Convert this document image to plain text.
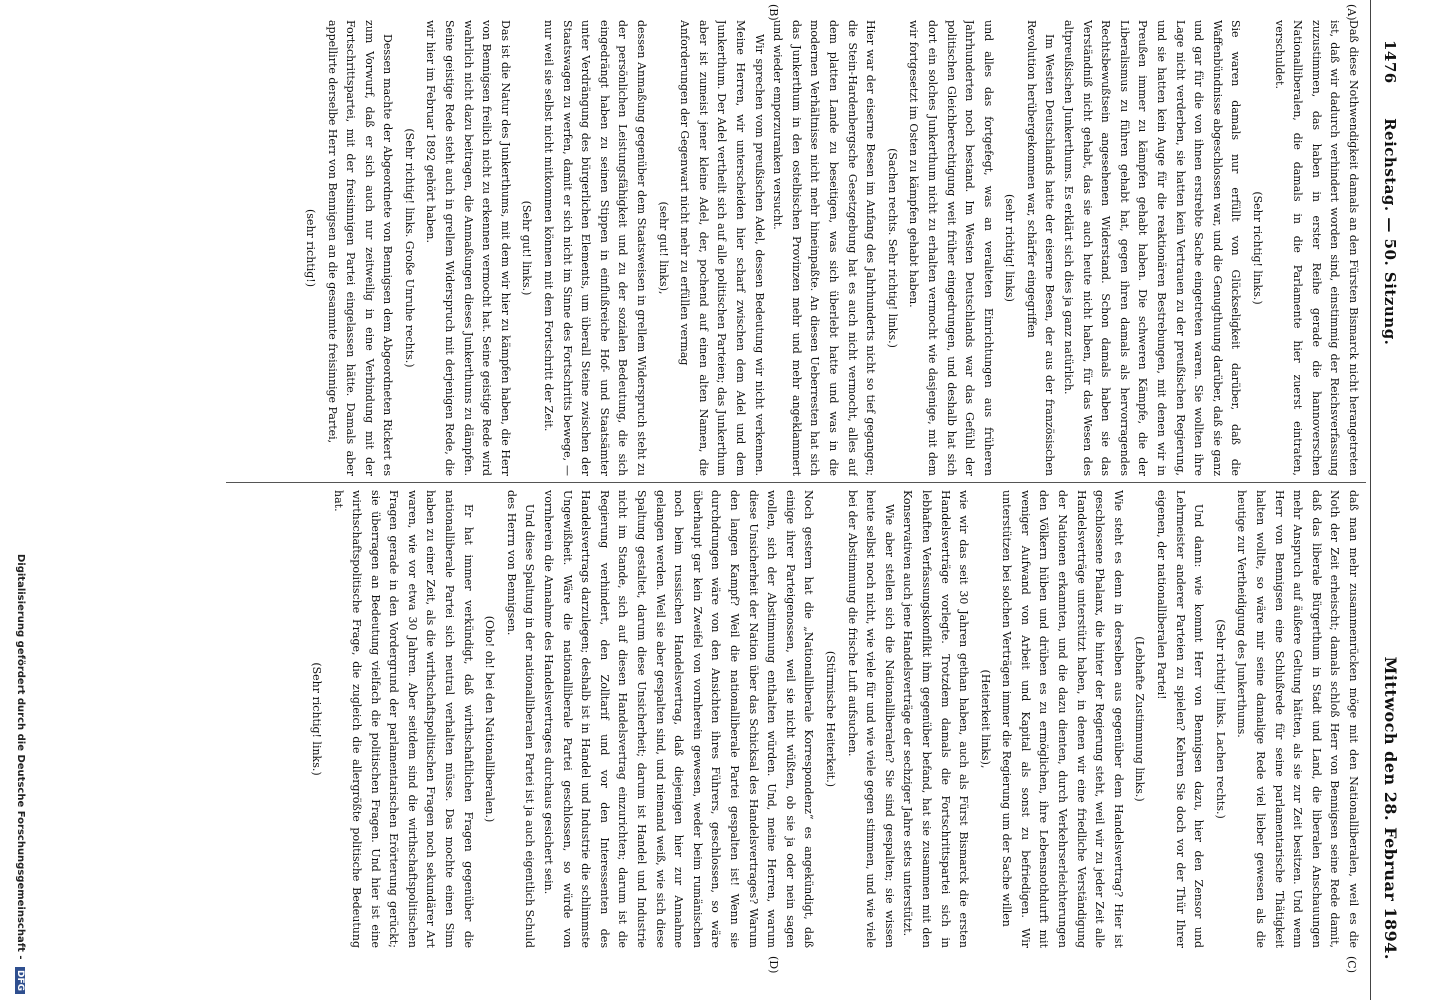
1476      Reichstag. — 50. Sitzung.
Mittwoch den 28. Februar 1894.
(A)
(B)
(C)
(D)

Daß diese Nothwendigkeit damals an den Fürsten Bismarck nicht herangetreten ist, daß wir dadurch verhindert worden sind, einstimmig der Reichsverfassung zuzustimmen, das haben in erster Reihe gerade die hannoverschen Nationalliberalen, die damals in die Parlamente hier zuerst eintraten, verschuldet.

(Sehr richtig! links.)

Sie waren damals nur erfüllt von Glückseligkeit darüber, daß die Waffenbündnisse abgeschlossen war, und die Genugthuung darüber, daß sie ganz und gar für die von ihnen erstrebte Sache eingetreten waren. Sie wollten ihre Lage nicht verderben, sie hatten kein Vertrauen zu der preußischen Regierung, und sie hatten kein Auge für die reaktionären Bestrebungen, mit denen wir in Preußen immer zu kämpfen gehabt haben. Die schweren Kämpfe, die der Liberalismus zu führen gehabt hat, gegen ihren damals als hervorragendes Rechtsbewußtsein angesehenen Widerstand. Schon damals haben sie das Verständniß nicht gehabt, das sie auch heute nicht haben, für das Wesen des altpreußischen Junkerthums. Es erklärt sich dies ja ganz natürlich.

Im Westen Deutschlands hatte der eiserne Besen, der aus der französischen Revolution herübergekommen war, schärfer eingegriffen

(sehr richtig! links)

und alles das fortgefegt, was an veralteten Einrichtungen aus früheren Jahrhunderten noch bestand. Im Westen Deutschlands war das Gefühl der politischen Gleichberechtigung weit früher eingedrungen, und deshalb hat sich dort ein solches Junkerthum nicht zu erhalten vermocht wie dasjenige, mit dem wir fortgesetzt im Osten zu kämpfen gehabt haben.

(Sachen rechts. Sehr richtig! links.)

Hier war der eiserne Besen im Anfang des Jahrhunderts nicht so tief gegangen; die Stein-Hardenbergsche Gesetzgebung hat es auch nicht vermocht, alles auf dem platten Lande zu beseitigen, was sich überlebt hatte und was in die modernen Verhältnisse nicht mehr hineinpaßte. An diesen Ueberresten hat sich das Junkerthum in den ostelbischen Provinzen mehr und mehr angeklammert und wieder emporzuranken versucht.

Wir sprechen vom preußischen Adel, dessen Bedeutung wir nicht verkennen. Meine Herren, wir unterscheiden hier scharf zwischen dem Adel und dem Junkerthum. Der Adel vertheilt sich auf alle politischen Parteien; das Junkerthum aber ist zumeist jener kleine Adel, der, pochend auf einen alten Namen, die Anforderungen der Gegenwart nicht mehr zu erfüllen vermag

(sehr gut! links),

dessen Anmaßung gegenüber dem Staatsweisen in grellem Widerspruch steht zu der persönlichen Leistungsfähigkeit und zu der sozialen Bedeutung, die sich eingedrängt haben zu seinen Stippen in einflußreiche Hof- und Staatsämter unter Verdrängung des bürgerlichen Elements, um überall Steine zwischen der Staatswagen zu werfen, damit er sich nicht im Sinne des Fortschritts bewege, — nur weil sie selbst nicht mitkommen können mit dem Fortschritt der Zeit.

(Sehr gut! links.)

Das ist die Natur des Junkerthums, mit dem wir hier zu kämpfen haben, die Herr von Bennigsen freilich nicht zu erkennen vermocht hat. Seine geistige Rede wird wahrlich nicht dazu beitragen, die Anmaßungen dieses Junkerthums zu dämpfen. Seine geistige Rede steht auch in grellem Widerspruch mit derjenigen Rede, die wir hier im Februar 1892 gehört haben.

(Sehr richtig! links. Große Unruhe rechts.)

Dessen machte der Abgeordnete von Bennigsen dem Abgeordneten Rickert es zum Vorwurf, daß er sich auch nur zeitweilig in eine Verbindung mit der Fortschrittspartei, mit der freisinnigen Partei eingelassen hätte. Damals aber appellirte derselbe Herr von Bennigsen an die gesammte freisinnige Partei,

(sehr richtig!)

daß man mehr zusammenrücken möge mit den Nationalliberalen, weil es die Noth der Zeit erheischt; damals schloß Herr von Bennigsen seine Rede damit, daß das liberale Bürgerthum in Stadt und Land, die liberalen Anschauungen mehr Anspruch auf äußere Geltung hätten, als sie zur Zeit besitzen. Und wenn Herr von Bennigsen eine Schlußrede für seine parlamentarische Thätigkeit halten wollte, so wäre mir seine damalige Rede viel lieber gewesen als die heutige zur Vertheidigung des Junkerthums.

(Sehr richtig! links. Lachen rechts.)

Und dann: wie kommt Herr von Bennigsen dazu, hier den Zensor und Lehrmeister anderer Parteien zu spielen? Kehren Sie doch vor der Thür Ihrer eigenen, der nationalliberalen Partei!

(Lebhafte Zustimmung links.)

Wie steht es denn in derselben aus gegenüber dem Handelsvertrag? Hier ist geschlossene Phalanx, die hinter der Regierung steht, weil wir zu jeder Zeit alle Handelsverträge unterstützt haben, in denen wir eine friedliche Verständigung der Nationen erkannten, und die dazu dienten, durch Verkehrserleichterungen den Völkern hüben und drüben es zu ermöglichen, ihre Lebensnothdurft mit weniger Aufwand von Arbeit und Kapital als sonst zu befriedigen. Wir unterstützen bei solchen Verträgen immer die Regierung um der Sache willen

(Heiterkeit links),

wie wir das seit 30 Jahren gethan haben, auch als Fürst Bismarck die ersten Handelsverträge vorlegte. Trotzdem damals die Fortschrittspartei sich in lebhaften Verfassungskonflikt ihm gegenüber befand, hat sie zusammen mit den Konservativen auch jene Handelsverträge der sechziger Jahre stets unterstützt.

Wie aber stellen sich die Nationalliberalen? Sie sind gespalten; sie wissen heute selbst noch nicht, wie viele für und wie viele gegen stimmen, und wie viele bei der Abstimmung die frische Luft aufsuchen.

(Stürmische Heiterkeit.)

Noch gestern hat die „Nationalliberale Korrespondenz“ es angekündigt, daß einige ihrer Parteigenossen, weil sie nicht wüßten, ob sie ja oder nein sagen wollen, sich der Abstimmung enthalten würden. Und, meine Herren, warum diese Unsicherheit der Nation über das Schicksal des Handelsvertrages? Warum den langen Kampf? Weil die nationalliberale Partei gespalten ist! Wenn sie durchdrungen wäre von den Ansichten ihres Führers, geschlossen, so wäre überhaupt gar kein Zweifel von vornherein gewesen, weder beim rumänischen noch beim russischen Handelsvertrag, daß diejenigen hier zur Annahme gelangen werden. Weil sie aber gespalten sind, und niemand weiß, wie sich diese Spaltung gestaltet, darum diese Unsicherheit; darum ist Handel und Industrie nicht im Stande, sich auf diesen Handelsvertrag einzurichten; darum ist die Regierung verhindert, den Zolltarif und vor den Interessenten des Handelsvertrags darzulegen; deshalb ist in Handel und Industrie die schlimmste Ungewißheit. Wäre die nationalliberale Partei geschlossen, so würde von vornherein die Annahme des Handelsvertrages durchaus gesichert sein.

Und diese Spaltung in der nationalliberalen Partei ist ja auch eigentlich Schuld des Herrn von Bennigsen.

(Oho! oh! bei den Nationalliberalen.)

Er hat immer verkündigt, daß wirthschaftlichen Fragen gegenüber die nationalliberale Partei sich neutral verhalten müsse. Das mochte einen Sinn haben zu einer Zeit, als die wirthschaftspolitischen Fragen noch sekundärer Art waren, wie vor etwa 30 Jahren. Aber seitdem sind die wirthschaftspolitischen Fragen gerade in den Vordergrund der parlamentarischen Erörterung gerückt; sie überragen an Bedeutung vielfach die politischen Fragen. Und hier ist eine wirthschaftspolitische Frage, die zugleich die allergrößte politische Bedeutung hat.

(Sehr richtig! links.)

Digitalisierung gefördert durch die Deutsche Forschungsgemeinschaft - DFG
